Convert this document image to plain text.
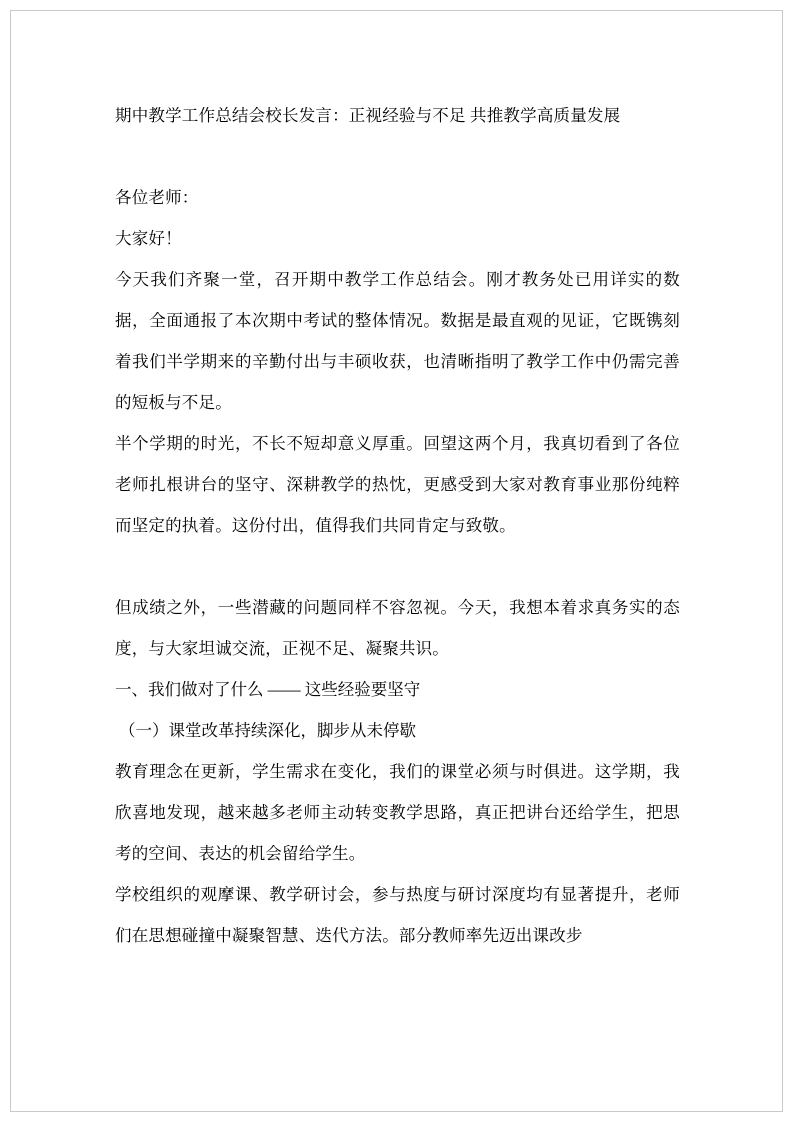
期中教学工作总结会校长发言：正视经验与不足 共推教学高质量发展

各位老师：

大家好！

今天我们齐聚一堂，召开期中教学工作总结会。刚才教务处已用详实的数据，全面通报了本次期中考试的整体情况。数据是最直观的见证，它既镌刻着我们半学期来的辛勤付出与丰硕收获，也清晰指明了教学工作中仍需完善的短板与不足。

半个学期的时光，不长不短却意义厚重。回望这两个月，我真切看到了各位老师扎根讲台的坚守、深耕教学的热忱，更感受到大家对教育事业那份纯粹而坚定的执着。这份付出，值得我们共同肯定与致敬。

但成绩之外，一些潜藏的问题同样不容忽视。今天，我想本着求真务实的态度，与大家坦诚交流，正视不足、凝聚共识。

一、我们做对了什么 —— 这些经验要坚守

（一）课堂改革持续深化，脚步从未停歇

教育理念在更新，学生需求在变化，我们的课堂必须与时俱进。这学期，我欣喜地发现，越来越多老师主动转变教学思路，真正把讲台还给学生，把思考的空间、表达的机会留给学生。

学校组织的观摩课、教学研讨会，参与热度与研讨深度均有显著提升，老师们在思想碰撞中凝聚智慧、迭代方法。部分教师率先迈出课改步
